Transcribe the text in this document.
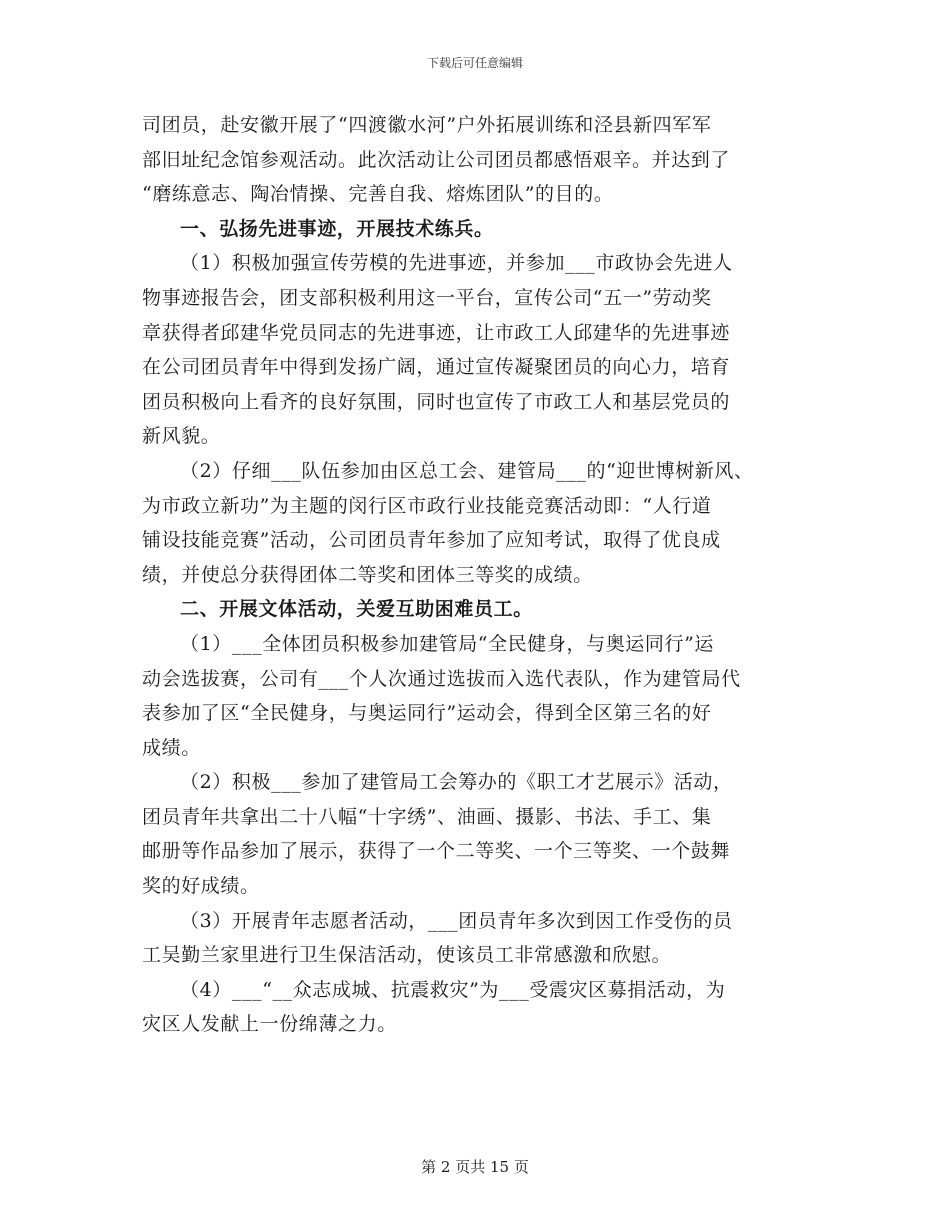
下载后可任意编辑

司团员，赴安徽开展了“四渡徽水河”户外拓展训练和泾县新四军军
部旧址纪念馆参观活动。此次活动让公司团员都感悟艰辛。并达到了
“磨练意志、陶冶情操、完善自我、熔炼团队”的目的。

一、弘扬先进事迹，开展技术练兵。

（1）积极加强宣传劳模的先进事迹，并参加___市政协会先进人
物事迹报告会，团支部积极利用这一平台，宣传公司“五一”劳动奖
章获得者邱建华党员同志的先进事迹，让市政工人邱建华的先进事迹
在公司团员青年中得到发扬广阔，通过宣传凝聚团员的向心力，培育
团员积极向上看齐的良好氛围，同时也宣传了市政工人和基层党员的
新风貌。

（2）仔细___队伍参加由区总工会、建管局___的“迎世博树新风、
为市政立新功”为主题的闵行区市政行业技能竞赛活动即：“人行道
铺设技能竞赛”活动，公司团员青年参加了应知考试，取得了优良成
绩，并使总分获得团体二等奖和团体三等奖的成绩。

二、开展文体活动，关爱互助困难员工。

（1）___全体团员积极参加建管局“全民健身，与奥运同行”运
动会选拔赛，公司有___个人次通过选拔而入选代表队，作为建管局代
表参加了区“全民健身，与奥运同行”运动会，得到全区第三名的好
成绩。

（2）积极___参加了建管局工会筹办的《职工才艺展示》活动，
团员青年共拿出二十八幅“十字绣”、油画、摄影、书法、手工、集
邮册等作品参加了展示，获得了一个二等奖、一个三等奖、一个鼓舞
奖的好成绩。

（3）开展青年志愿者活动，___团员青年多次到因工作受伤的员
工吴勤兰家里进行卫生保洁活动，使该员工非常感激和欣慰。

（4）___“__众志成城、抗震救灾”为___受震灾区募捐活动，为
灾区人发献上一份绵薄之力。

第 2 页共 15 页
